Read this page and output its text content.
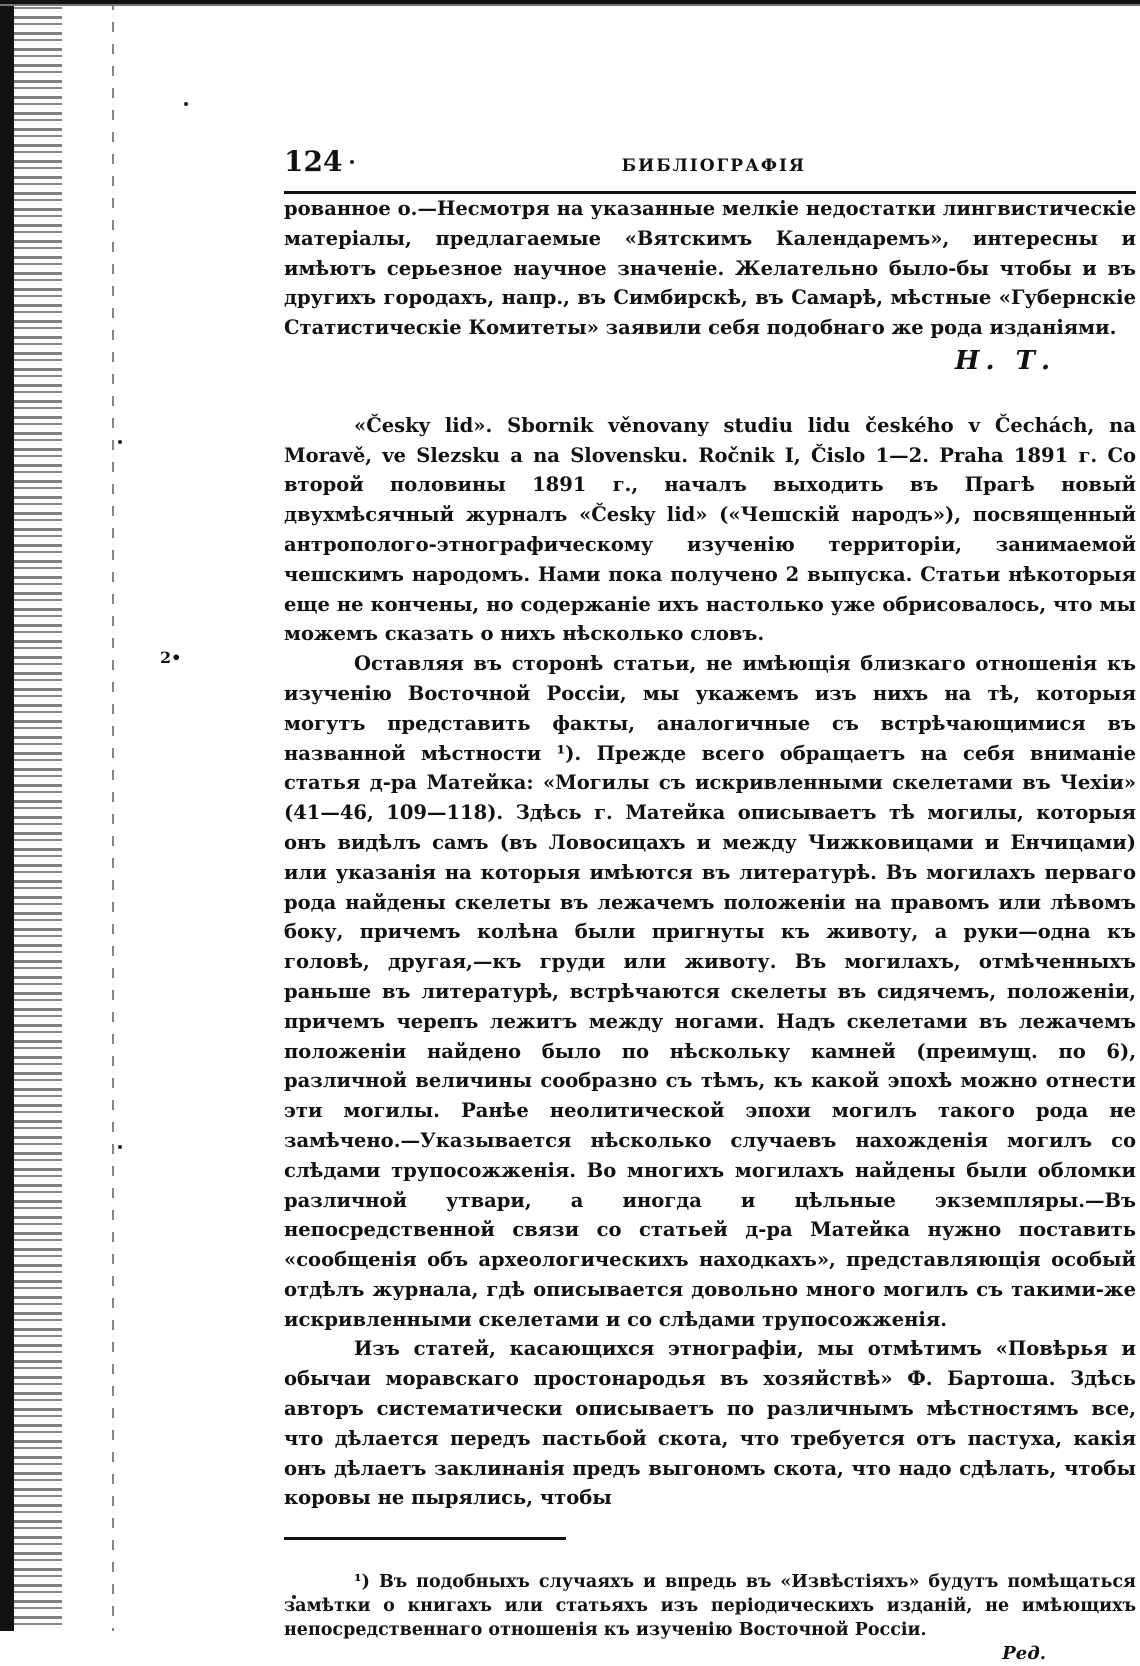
2•
124	БИБЛIОГРАФIЯ

рованное о.—Несмотря на указанные мелкiе недостатки лингвистическiе матерiалы, предлагаемые «Вятскимъ Календаремъ», интересны и имѣютъ серьезное научное значенiе. Желательно было-бы чтобы и въ другихъ городахъ, напр., въ Симбирскѣ, въ Самарѣ, мѣстные «Губернскiе Статистическiе Комитеты» заявили себя подобнаго же рода изданiями.

Н. Т.

«Česky lid». Sbornik věnovany studiu lidu českého v Čechách, na Moravě, ve Slezsku a na Slovensku. Ročnik I, Čislo 1—2. Praha 1891 г. Со второй половины 1891 г., началъ выходить въ Прагѣ новый двухмѣсячный журналъ «Česky lid» («Чешскiй народъ»), посвященный антрополого-этнографическому изученiю территорiи, занимаемой чешскимъ народомъ. Нами пока получено 2 выпуска. Статьи нѣкоторыя еще не кончены, но содержанiе ихъ настолько уже обрисовалось, что мы можемъ сказать о нихъ нѣсколько словъ.

Оставляя въ сторонѣ статьи, не имѣющiя близкаго отношенiя къ изученiю Восточной Россiи, мы укажемъ изъ нихъ на тѣ, которыя могутъ представить факты, аналогичные съ встрѣчающимися въ названной мѣстности ¹). Прежде всего обращаетъ на себя вниманiе статья д-ра Матейка: «Могилы съ искривленными скелетами въ Чехiи» (41—46, 109—118). Здѣсь г. Матейка описываетъ тѣ могилы, которыя онъ видѣлъ самъ (въ Ловосицахъ и между Чижковицами и Енчицами) или указанiя на которыя имѣются въ литературѣ. Въ могилахъ перваго рода найдены скелеты въ лежачемъ положенiи на правомъ или лѣвомъ боку, причемъ колѣна были пригнуты къ животу, а руки—одна къ головѣ, другая,—къ груди или животу. Въ могилахъ, отмѣченныхъ раньше въ литературѣ, встрѣчаются скелеты въ сидячемъ, положенiи, причемъ черепъ лежитъ между ногами. Надъ скелетами въ лежачемъ положенiи найдено было по нѣскольку камней (преимущ. по 6), различной величины сообразно съ тѣмъ, къ какой эпохѣ можно отнести эти могилы. Ранѣе неолитической эпохи могилъ такого рода не замѣчено.—Указывается нѣсколько случаевъ нахожденiя могилъ со слѣдами трупосожженiя. Во многихъ могилахъ найдены были обломки различной утвари, а иногда и цѣльные экземпляры.—Въ непосредственной связи со статьей д-ра Матейка нужно поставить «сообщенiя объ археологическихъ находкахъ», представляющiя особый отдѣлъ журнала, гдѣ описывается довольно много могилъ съ такими-же искривленными скелетами и со слѣдами трупосожженiя.

Изъ статей, касающихся этнографiи, мы отмѣтимъ «Повѣрья и обычаи моравскаго простонародья въ хозяйствѣ» Ф. Бартоша. Здѣсь авторъ систематически описываетъ по различнымъ мѣстностямъ все, что дѣлается передъ пастьбой скота, что требуется отъ пастуха, какiя онъ дѣлаетъ заклинанiя предъ выгономъ скота, что надо сдѣлать, чтобы коровы не пырялись, чтобы

¹) Въ подобныхъ случаяхъ и впредь въ «Извѣстiяхъ» будутъ помѣщаться замѣтки о книгахъ или статьяхъ изъ перiодическихъ изданiй, не имѣющихъ непосредственнаго отношенiя къ изученiю Восточной Россiи.

Ред.
